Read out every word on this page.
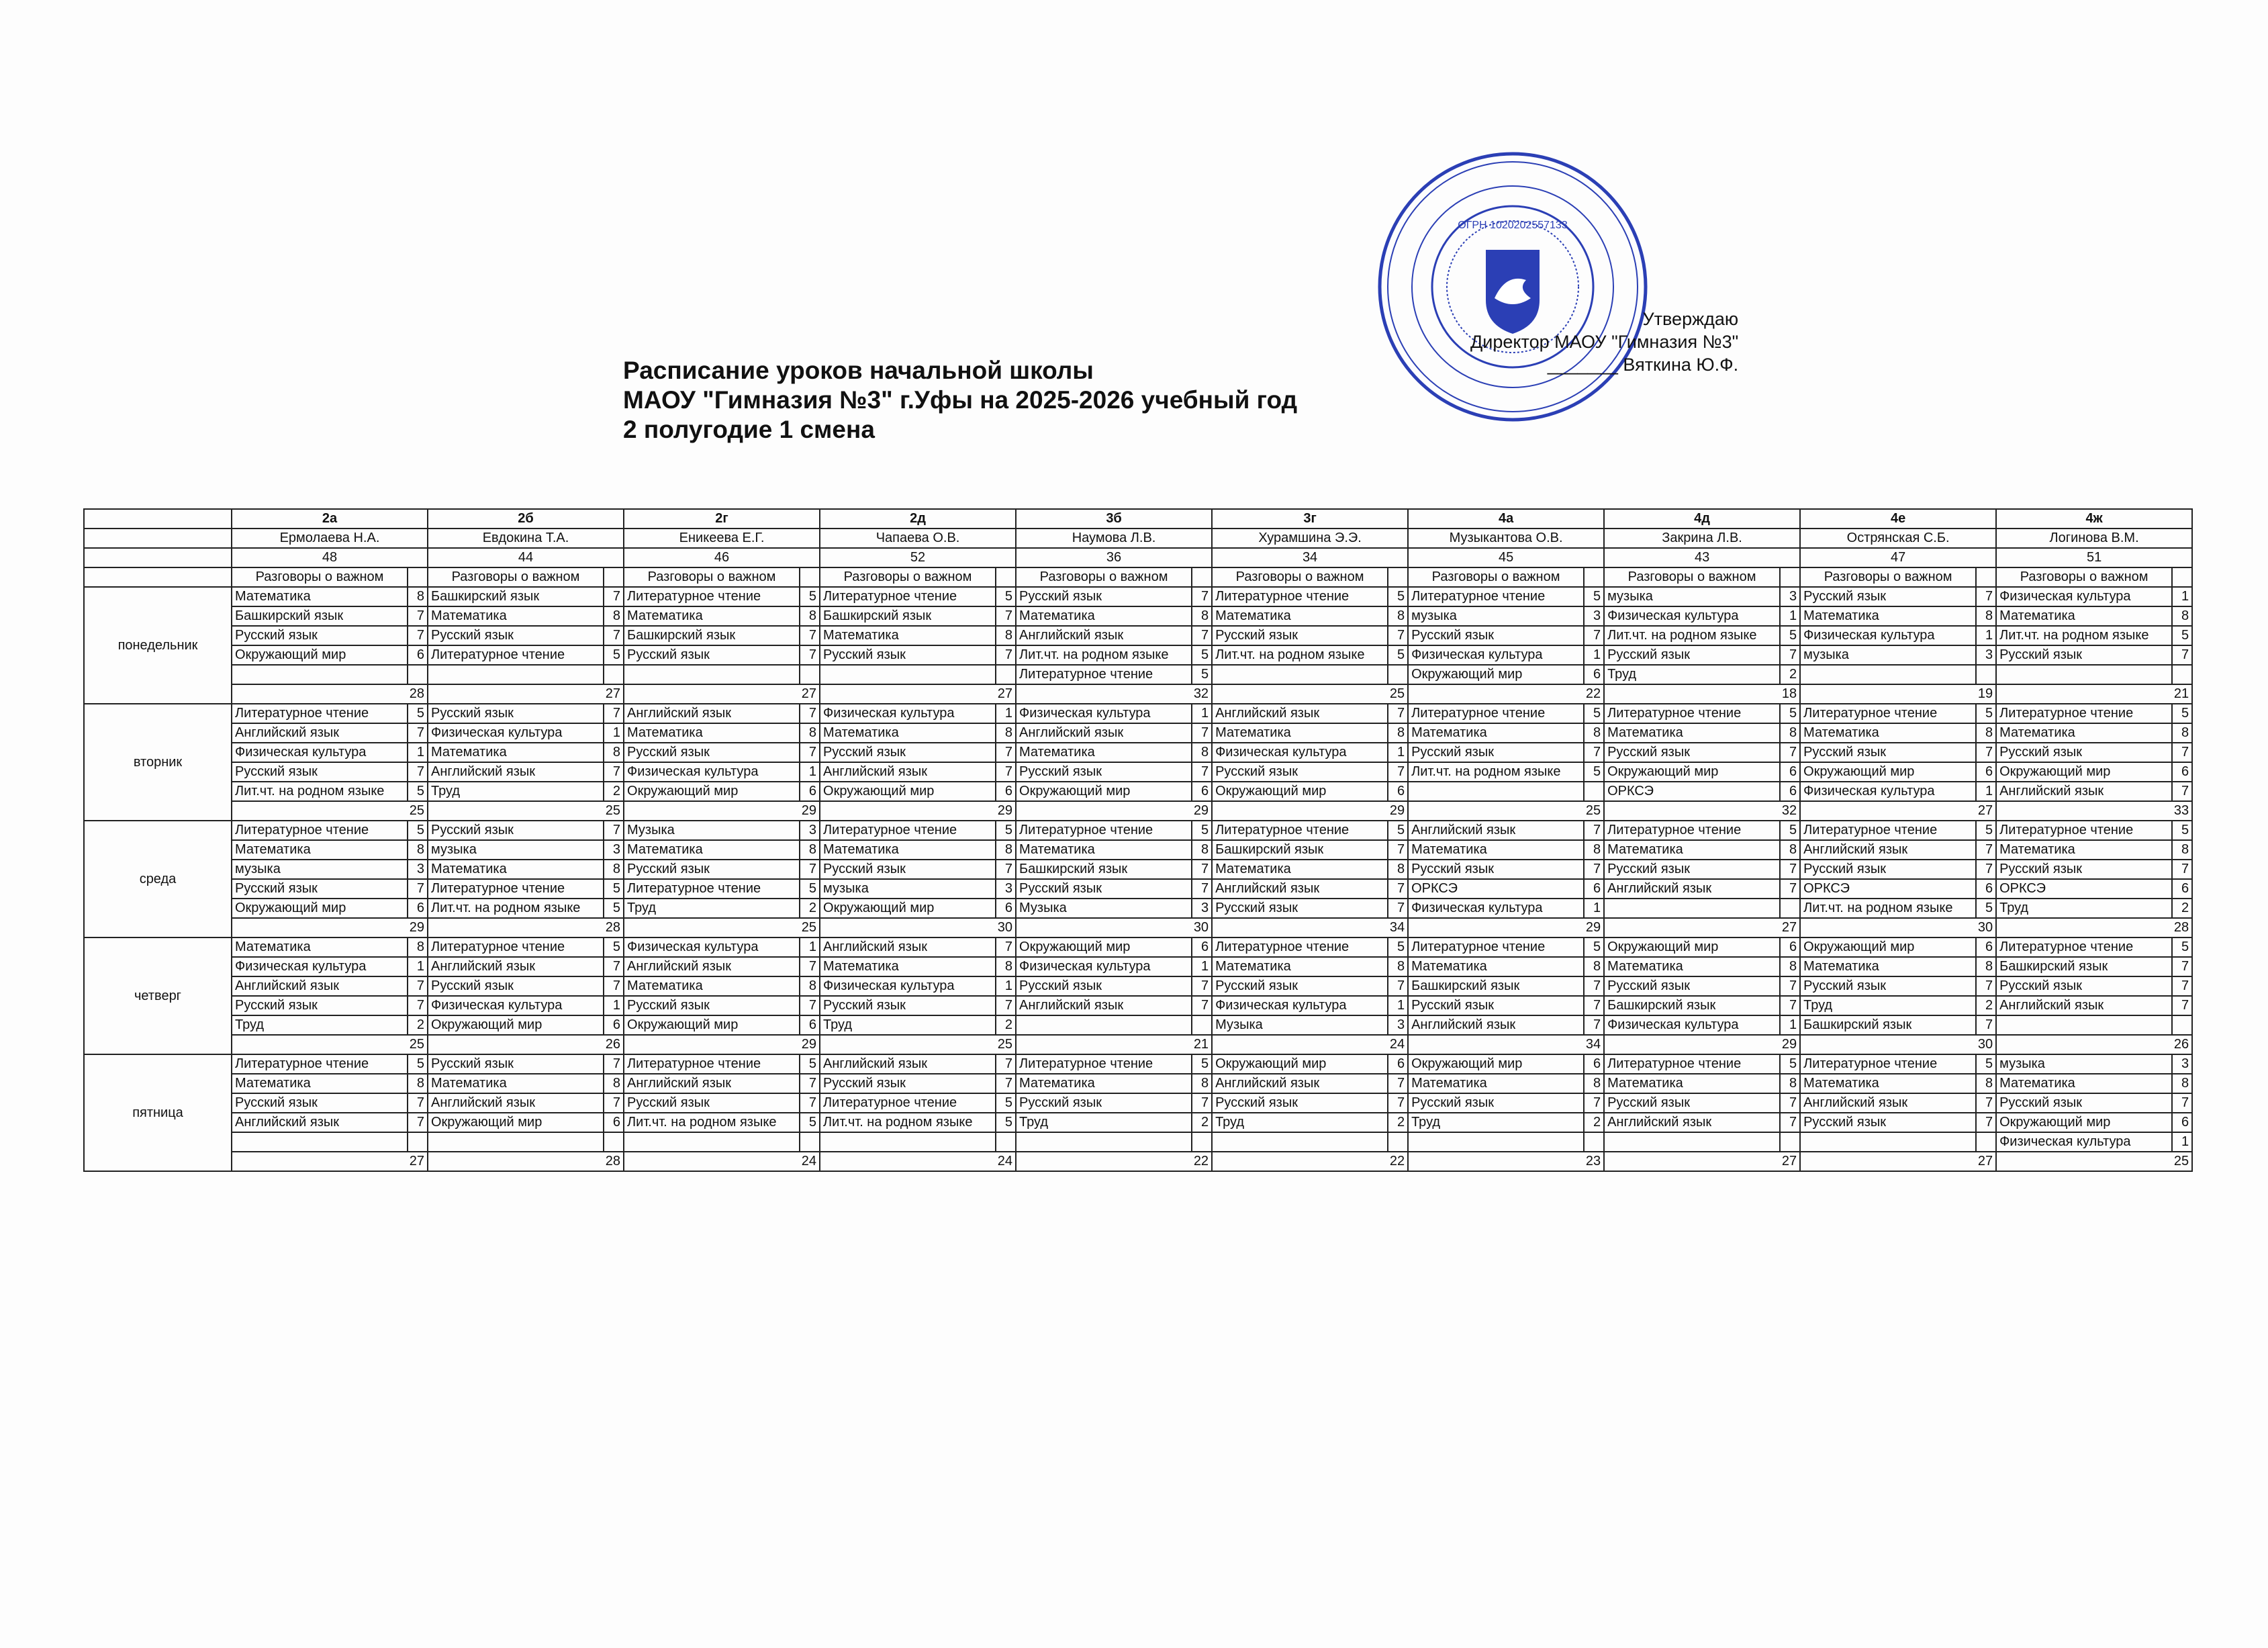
Расписание уроков начальной школы
МАОУ "Гимназия №3" г.Уфы на 2025-2026 учебный год
2 полугодие 1 смена
ОГРН 1020202557133
Утверждаю
Директор МАОУ "Гимназия №3"
_______ Вяткина Ю.Ф.
	2а		2б		2г		2д		3б		3г		4а		4д		4е		4ж	
	Ермолаева Н.А.		Евдокина Т.А.		Еникеева Е.Г.		Чапаева О.В.		Наумова Л.В.		Хурамшина Э.Э.		Музыкантова О.В.		Закрина Л.В.		Острянская С.Б.		Логинова В.М.	
	48		44		46		52		36		34		45		43		47		51	
	Разговоры о важном		Разговоры о важном		Разговоры о важном		Разговоры о важном		Разговоры о важном		Разговоры о важном		Разговоры о важном		Разговоры о важном		Разговоры о важном		Разговоры о важном	
понедельник	Математика	8	Башкирский язык	7	Литературное чтение	5	Литературное чтение	5	Русский язык	7	Литературное чтение	5	Литературное чтение	5	музыка	3	Русский язык	7	Физическая культура	1
	Башкирский язык	7	Математика	8	Математика	8	Башкирский язык	7	Математика	8	Математика	8	музыка	3	Физическая культура	1	Математика	8	Математика	8
	Русский язык	7	Русский язык	7	Башкирский язык	7	Математика	8	Английский язык	7	Русский язык	7	Русский язык	7	Лит.чт. на родном языке	5	Физическая культура	1	Лит.чт. на родном языке	5
	Окружающий мир	6	Литературное чтение	5	Русский язык	7	Русский язык	7	Лит.чт. на родном языке	5	Лит.чт. на родном языке	5	Физическая культура	1	Русский язык	7	музыка	3	Русский язык	7
									Литературное чтение	5			Окружающий мир	6	Труд	2				
	28		27		27		27		32		25		22		18		19		21	
вторник	Литературное чтение	5	Русский язык	7	Английский язык	7	Физическая культура	1	Физическая культура	1	Английский язык	7	Литературное чтение	5	Литературное чтение	5	Литературное чтение	5	Литературное чтение	5
	Английский язык	7	Физическая культура	1	Математика	8	Математика	8	Английский язык	7	Математика	8	Математика	8	Математика	8	Математика	8	Математика	8
	Физическая культура	1	Математика	8	Русский язык	7	Русский язык	7	Математика	8	Физическая культура	1	Русский язык	7	Русский язык	7	Русский язык	7	Русский язык	7
	Русский язык	7	Английский язык	7	Физическая культура	1	Английский язык	7	Русский язык	7	Русский язык	7	Лит.чт. на родном языке	5	Окружающий мир	6	Окружающий мир	6	Окружающий мир	6
	Лит.чт. на родном языке	5	Труд	2	Окружающий мир	6	Окружающий мир	6	Окружающий мир	6	Окружающий мир	6			ОРКСЭ	6	Физическая культура	1	Английский язык	7
	25		25		29		29		29		29		25		32		27		33	
среда	Литературное чтение	5	Русский язык	7	Музыка	3	Литературное чтение	5	Литературное чтение	5	Литературное чтение	5	Английский язык	7	Литературное чтение	5	Литературное чтение	5	Литературное чтение	5
	Математика	8	музыка	3	Математика	8	Математика	8	Математика	8	Башкирский язык	7	Математика	8	Математика	8	Английский язык	7	Математика	8
	музыка	3	Математика	8	Русский язык	7	Русский язык	7	Башкирский язык	7	Математика	8	Русский язык	7	Русский язык	7	Русский язык	7	Русский язык	7
	Русский язык	7	Литературное чтение	5	Литературное чтение	5	музыка	3	Русский язык	7	Английский язык	7	ОРКСЭ	6	Английский язык	7	ОРКСЭ	6	ОРКСЭ	6
	Окружающий мир	6	Лит.чт. на родном языке	5	Труд	2	Окружающий мир	6	Музыка	3	Русский язык	7	Физическая культура	1			Лит.чт. на родном языке	5	Труд	2
	29		28		25		30		30		34		29		27		30		28	
четверг	Математика	8	Литературное чтение	5	Физическая культура	1	Английский язык	7	Окружающий мир	6	Литературное чтение	5	Литературное чтение	5	Окружающий мир	6	Окружающий мир	6	Литературное чтение	5
	Физическая культура	1	Английский язык	7	Английский язык	7	Математика	8	Физическая культура	1	Математика	8	Математика	8	Математика	8	Математика	8	Башкирский язык	7
	Английский язык	7	Русский язык	7	Математика	8	Физическая культура	1	Русский язык	7	Русский язык	7	Башкирский язык	7	Русский язык	7	Русский язык	7	Русский язык	7
	Русский язык	7	Физическая культура	1	Русский язык	7	Русский язык	7	Английский язык	7	Физическая культура	1	Русский язык	7	Башкирский язык	7	Труд	2	Английский язык	7
	Труд	2	Окружающий мир	6	Окружающий мир	6	Труд	2			Музыка	3	Английский язык	7	Физическая культура	1	Башкирский язык	7		
	25		26		29		25		21		24		34		29		30		26	
пятница	Литературное чтение	5	Русский язык	7	Литературное чтение	5	Английский язык	7	Литературное чтение	5	Окружающий мир	6	Окружающий мир	6	Литературное чтение	5	Литературное чтение	5	музыка	3
	Математика	8	Математика	8	Английский язык	7	Русский язык	7	Математика	8	Английский язык	7	Математика	8	Математика	8	Математика	8	Математика	8
	Русский язык	7	Английский язык	7	Русский язык	7	Литературное чтение	5	Русский язык	7	Русский язык	7	Русский язык	7	Русский язык	7	Английский язык	7	Русский язык	7
	Английский язык	7	Окружающий мир	6	Лит.чт. на родном языке	5	Лит.чт. на родном языке	5	Труд	2	Труд	2	Труд	2	Английский язык	7	Русский язык	7	Окружающий мир	6
																			Физическая культура	1
	27		28		24		24		22		22		23		27		27		25	
